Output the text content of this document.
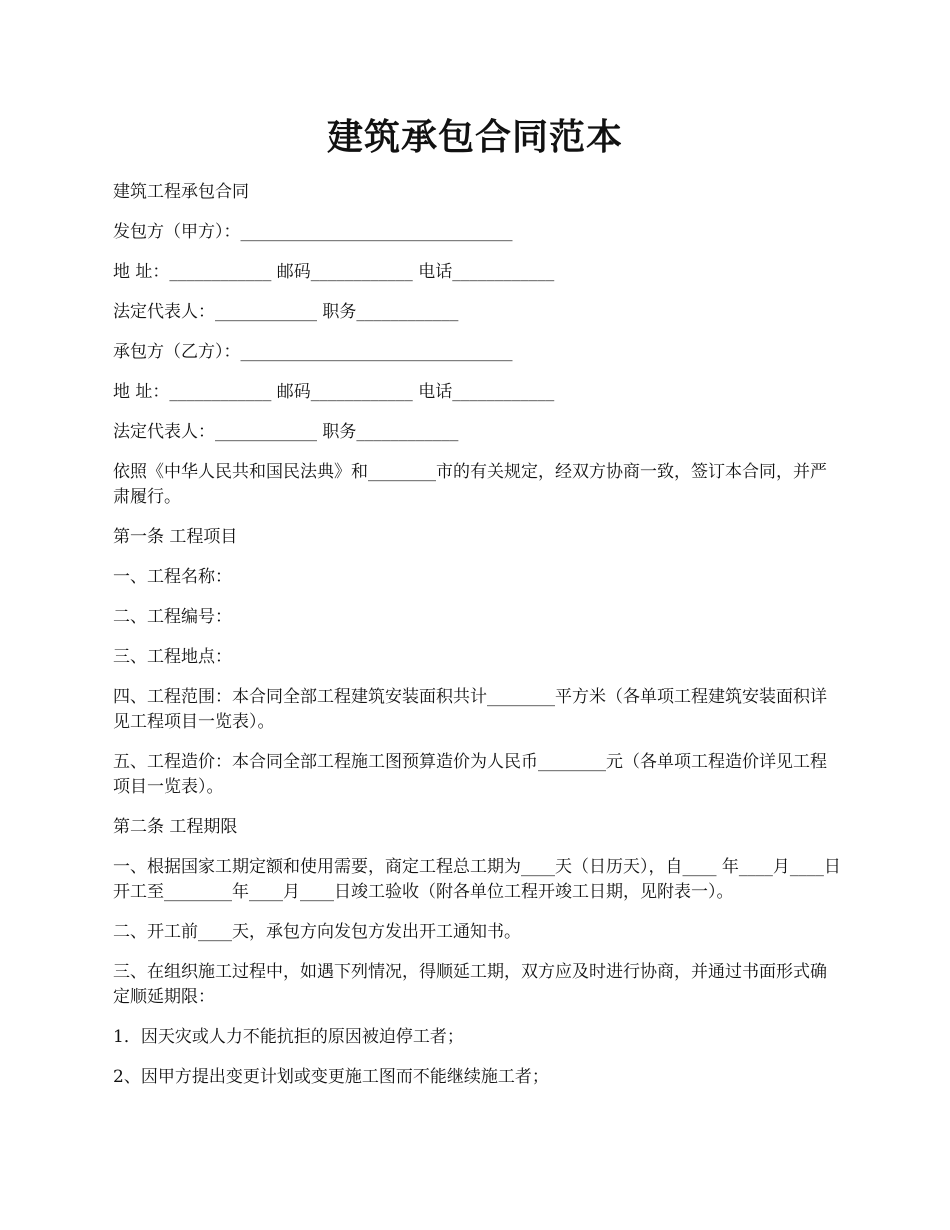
建筑承包合同范本

建筑工程承包合同

发包方（甲方）：________________________________

地 址：____________ 邮码____________ 电话____________

法定代表人：____________ 职务____________

承包方（乙方）：________________________________

地 址：____________ 邮码____________ 电话____________

法定代表人：____________ 职务____________

依照《中华人民共和国民法典》和________市的有关规定，经双方协商一致，签订本合同，并严肃履行。

第一条 工程项目

一、工程名称：

二、工程编号：

三、工程地点：

四、工程范围：本合同全部工程建筑安装面积共计________平方米（各单项工程建筑安装面积详见工程项目一览表）。

五、工程造价：本合同全部工程施工图预算造价为人民币________元（各单项工程造价详见工程项目一览表）。

第二条 工程期限

一、根据国家工期定额和使用需要，商定工程总工期为____天（日历天），自____ 年____月____日开工至________年____月____日竣工验收（附各单位工程开竣工日期，见附表一）。

二、开工前____天，承包方向发包方发出开工通知书。

三、在组织施工过程中，如遇下列情况，得顺延工期，双方应及时进行协商，并通过书面形式确定顺延期限：

1．因天灾或人力不能抗拒的原因被迫停工者；

2、因甲方提出变更计划或变更施工图而不能继续施工者；
